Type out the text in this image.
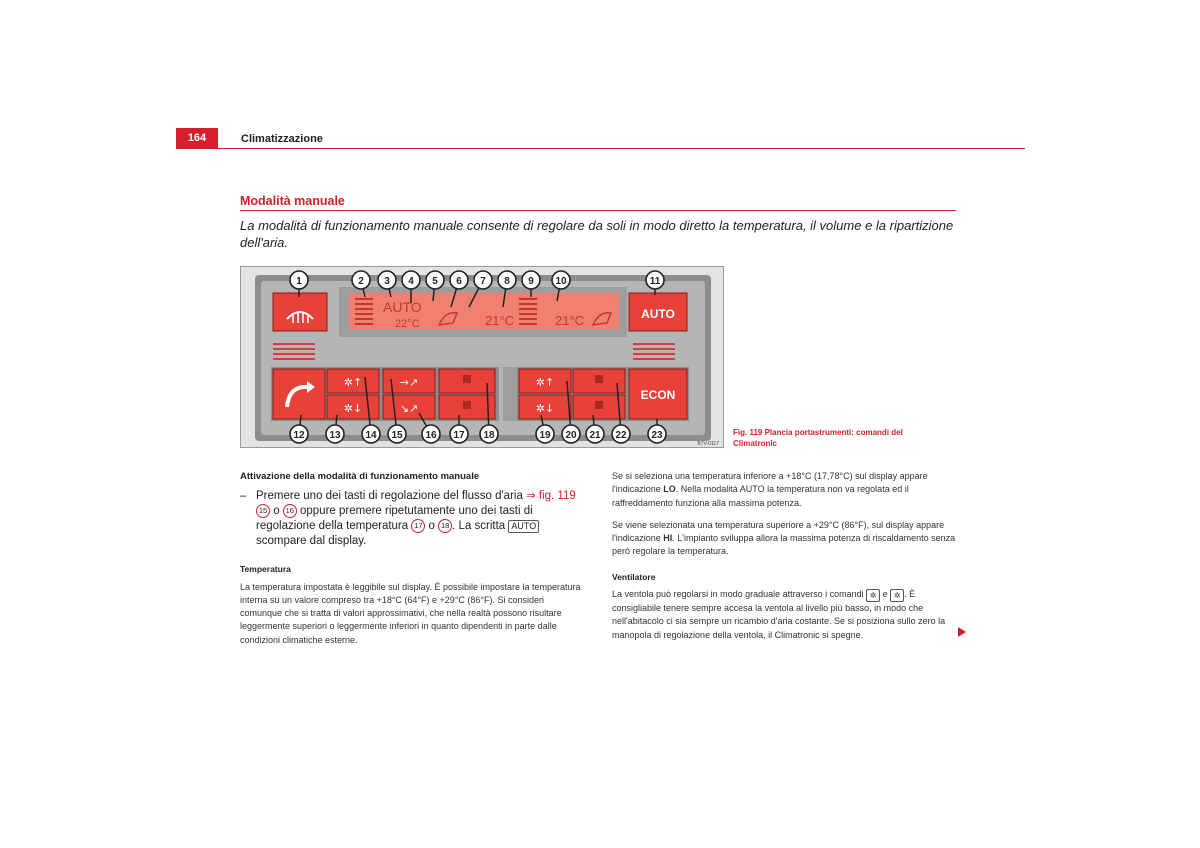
164	Climatizzazione
Modalità manuale
La modalità di funzionamento manuale consente di regolare da soli in modo diretto la temperatura, il volume e la ripartizione dell'aria.
AUTO
22°C	21°C	21°C	AUTO
✲↑
✲↓
→↗
↘↗
✲↑
✲↓
ECON
1	2 3 4 5 6 7 8 9 10	11
12 13 14 15 16 17 18	19 20 21 22 23
B7V-0117
Fig. 119 Plancia portastrumenti: comandi del Climatronic
Attivazione della modalità di funzionamento manuale
– Premere uno dei tasti di regolazione del flusso d'aria ⇒ fig. 119 15 o 16 oppure premere ripetutamente uno dei tasti di regolazione della temperatura 17 o 18 . La scritta AUTO scompare dal display.
Temperatura
La temperatura impostata è leggibile sul display. È possibile impostare la temperatura interna su un valore compreso tra +18°C (64°F) e +29°C (86°F). Si consideri comunque che si tratta di valori approssimativi, che nella realtà possono risultare leggermente superiori o leggermente inferiori in quanto dipendenti in parte dalle condizioni climatiche esterne.
Se si seleziona una temperatura inferiore a +18°C (17,78°C) sul display appare l'indicazione LO. Nella modalità AUTO la temperatura non va regolata ed il raffreddamento funziona alla massima potenza.
Se viene selezionata una temperatura superiore a +29°C (86°F), sul display appare l'indicazione HI. L'impianto sviluppa allora la massima potenza di riscaldamento senza però regolare la temperatura.
Ventilatore
La ventola può regolarsi in modo graduale attraverso i comandi ✲ e ✲ . È consigliabile tenere sempre accesa la ventola al livello più basso, in modo che nell'abitacolo ci sia sempre un ricambio d'aria costante. Se si posiziona sullo zero la manopola di regolazione della ventola, il Climatronic si spegne.
